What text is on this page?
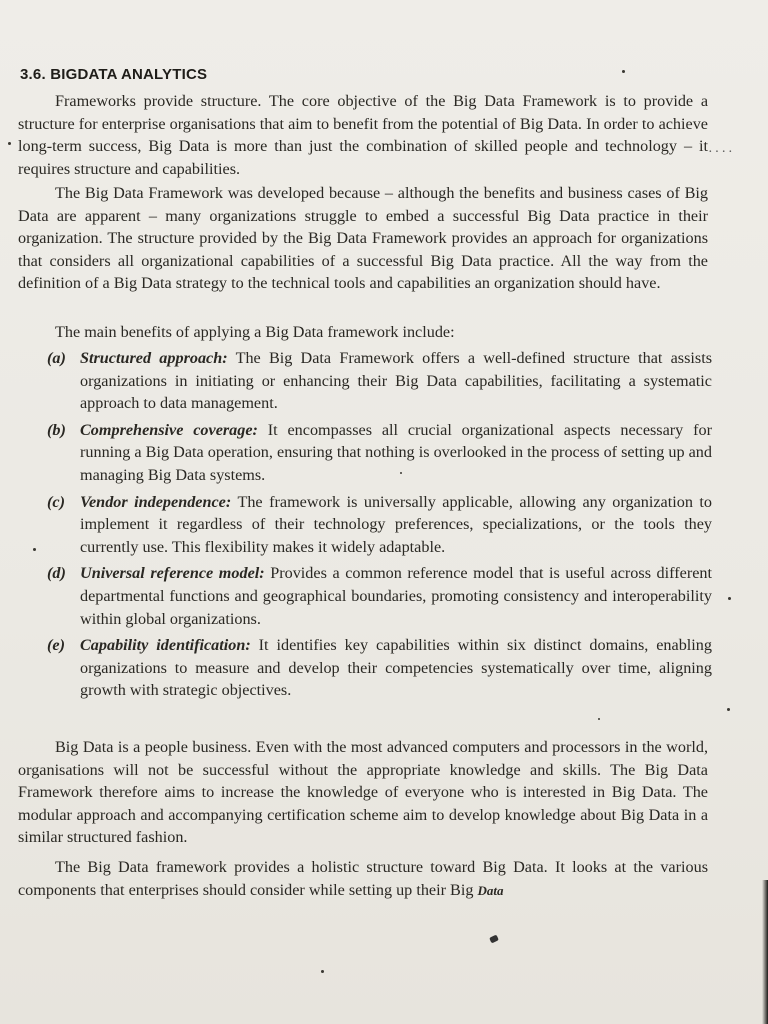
3.6. BIGDATA ANALYTICS

Frameworks provide structure. The core objective of the Big Data Framework is to provide a structure for enterprise organisations that aim to benefit from the potential of Big Data. In order to achieve long-term success, Big Data is more than just the combination of skilled people and technology – it requires structure and capabilities.

The Big Data Framework was developed because – although the benefits and business cases of Big Data are apparent – many organizations struggle to embed a successful Big Data practice in their organization. The structure provided by the Big Data Framework provides an approach for organizations that considers all organizational capabilities of a successful Big Data practice. All the way from the definition of a Big Data strategy to the technical tools and capabilities an organization should have.

The main benefits of applying a Big Data framework include:

(a) Structured approach: The Big Data Framework offers a well-defined structure that assists organizations in initiating or enhancing their Big Data capabilities, facilitating a systematic approach to data management.
(b) Comprehensive coverage: It encompasses all crucial organizational aspects necessary for running a Big Data operation, ensuring that nothing is overlooked in the process of setting up and managing Big Data systems.
(c) Vendor independence: The framework is universally applicable, allowing any organization to implement it regardless of their technology preferences, specializations, or the tools they currently use. This flexibility makes it widely adaptable.
(d) Universal reference model: Provides a common reference model that is useful across different departmental functions and geographical boundaries, promoting consistency and interoperability within global organizations.
(e) Capability identification: It identifies key capabilities within six distinct domains, enabling organizations to measure and develop their competencies systematically over time, aligning growth with strategic objectives.

Big Data is a people business. Even with the most advanced computers and processors in the world, organisations will not be successful without the appropriate knowledge and skills. The Big Data Framework therefore aims to increase the knowledge of everyone who is interested in Big Data. The modular approach and accompanying certification scheme aim to develop knowledge about Big Data in a similar structured fashion.

The Big Data framework provides a holistic structure toward Big Data. It looks at the various components that enterprises should consider while setting up their Big Data

····
